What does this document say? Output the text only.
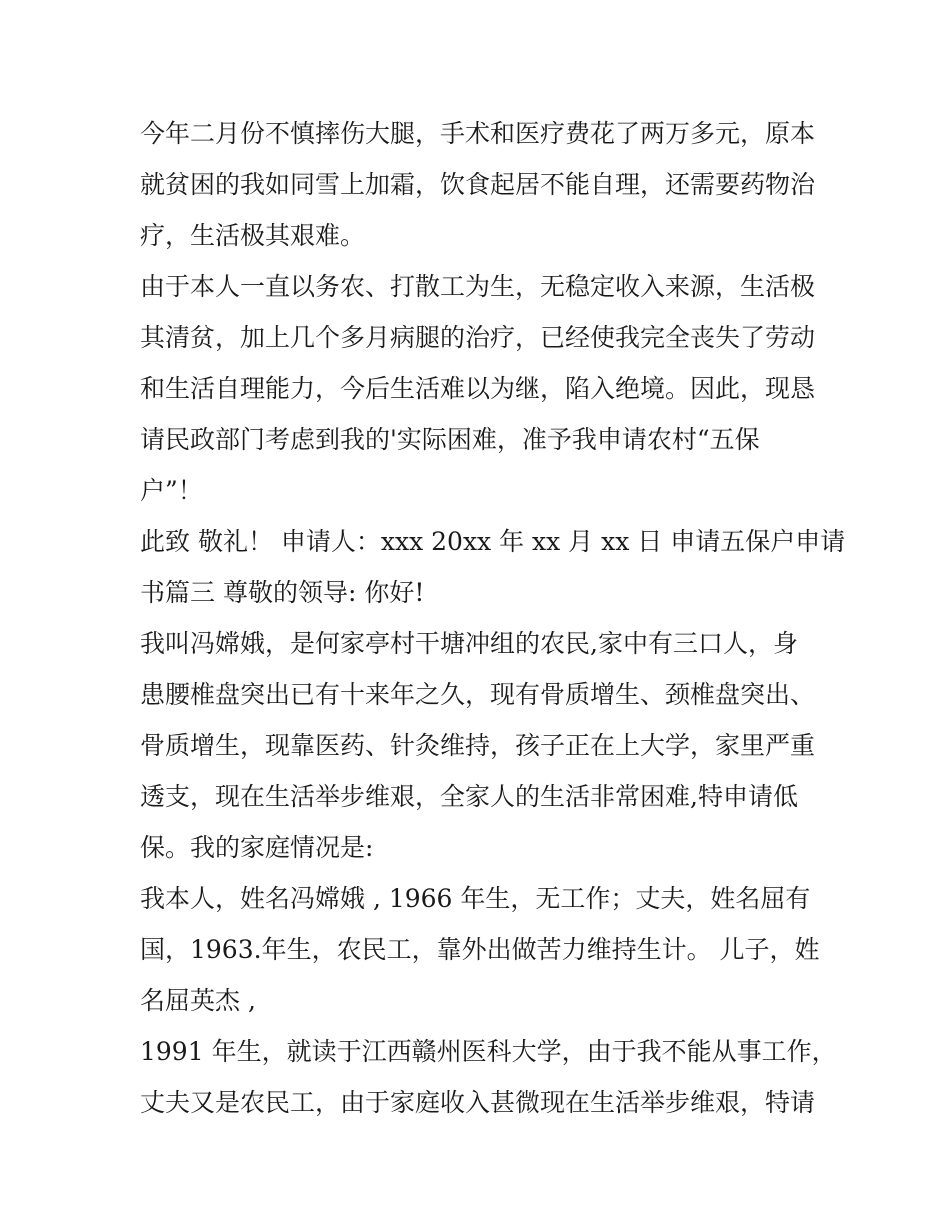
今年二月份不慎摔伤大腿，手术和医疗费花了两万多元，原本
就贫困的我如同雪上加霜，饮食起居不能自理，还需要药物治
疗，生活极其艰难。
由于本人一直以务农、打散工为生，无稳定收入来源，生活极
其清贫，加上几个多月病腿的治疗，已经使我完全丧失了劳动
和生活自理能力，今后生活难以为继，陷入绝境。因此，现恳
请民政部门考虑到我的'实际困难，准予我申请农村“五保
户”！
此致 敬礼！ 申请人：xxx 20xx 年 xx 月 xx 日 申请五保户申请
书篇三 尊敬的领导: 你好!
我叫冯嫦娥，是何家亭村干塘冲组的农民,家中有三口人，身
患腰椎盘突出已有十来年之久，现有骨质增生、颈椎盘突出、
骨质增生，现靠医药、针灸维持，孩子正在上大学，家里严重
透支，现在生活举步维艰，全家人的生活非常困难,特申请低
保。我的家庭情况是:
我本人，姓名冯嫦娥 , 1966 年生，无工作；丈夫，姓名屈有
国，1963.年生，农民工，靠外出做苦力维持生计。 儿子，姓
名屈英杰 ,
1991 年生，就读于江西赣州医科大学，由于我不能从事工作，
丈夫又是农民工，由于家庭收入甚微现在生活举步维艰，特请
